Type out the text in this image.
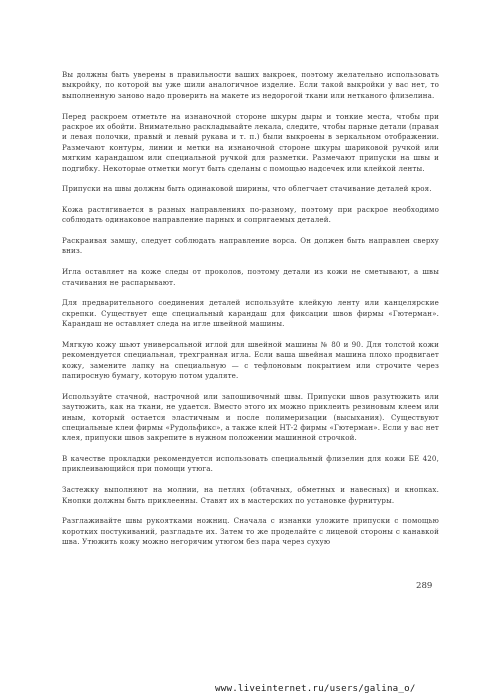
Вы должны быть уверены в правильности ваших выкроек, поэтому желательно использовать выкройку, по которой вы уже шили аналогичное изделие. Если такой выкройки у вас нет, то выполненную заново надо проверить на макете из недорогой ткани или нетканого флизелина.

Перед раскроем отметьте на изнаночной стороне шкуры дыры и тонкие места, чтобы при раскрое их обойти. Внимательно раскладывайте лекала, следите, чтобы парные детали (правая и левая полочки, правый и левый рукава и т. п.) были выкроены в зеркальном отображении. Размечают контуры, линии и метки на изнаночной стороне шкуры шариковой ручкой или мягким карандашом или специальной ручкой для разметки. Размечают припуски на швы и подгибку. Некоторые отметки могут быть сделаны с помощью надсечек или клейкой ленты.

Припуски на швы должны быть одинаковой ширины, что облегчает стачивание деталей кроя.

Кожа растягивается в разных направлениях по-разному, поэтому при раскрое необходимо соблюдать одинаковое направление парных и сопрягаемых деталей.

Раскраивая замшу, следует соблюдать направление ворса. Он должен быть направлен сверху вниз.

Игла оставляет на коже следы от проколов, поэтому детали из кожи не сметывают, а швы стачивания не распарывают.

Для предварительного соединения деталей используйте клейкую ленту или канцелярские скрепки. Существует еще специальный карандаш для фиксации швов фирмы «Гютерман». Карандаш не оставляет следа на игле швейной машины.

Мягкую кожу шьют универсальной иглой для швейной машины № 80 и 90. Для толстой кожи рекомендуется специальная, трехгранная игла. Если ваша швейная машина плохо продвигает кожу, замените лапку на специальную — с тефлоновым покрытием или строчите через папиросную бумагу, которую потом удаляте.

Используйте стачной, настрочной или запошивочный швы. Припуски швов разутюжить или заутюжить, как на ткани, не удается. Вместо этого их можно приклеить резиновым клеем или иным, который остается эластичным и после полимеризации (высыхания). Существуют специальные клеи фирмы «Рудольфикс», а также клей НТ-2 фирмы «Гютерман». Если у вас нет клея, припуски швов закрепите в нужном положении машинной строчкой.

В качестве прокладки рекомендуется использовать специальный флизелин для кожи БЕ 420, приклеивающийся при помощи утюга.

Застежку выполняют на молнии, на петлях (обтачных, обметных и навесных) и кнопках. Кнопки должны быть приклеенны. Ставят их в мастерских по установке фурнитуры.

Разглаживайте швы рукоятками ножниц. Сначала с изнанки уложите припуски с помощью коротких постукиваний, разгладьте их. Затем то же проделайте с лицевой стороны с канавкой шва. Утюжить кожу можно негорячим утюгом без пара через сухую

289
www.liveinternet.ru/users/galina_o/
